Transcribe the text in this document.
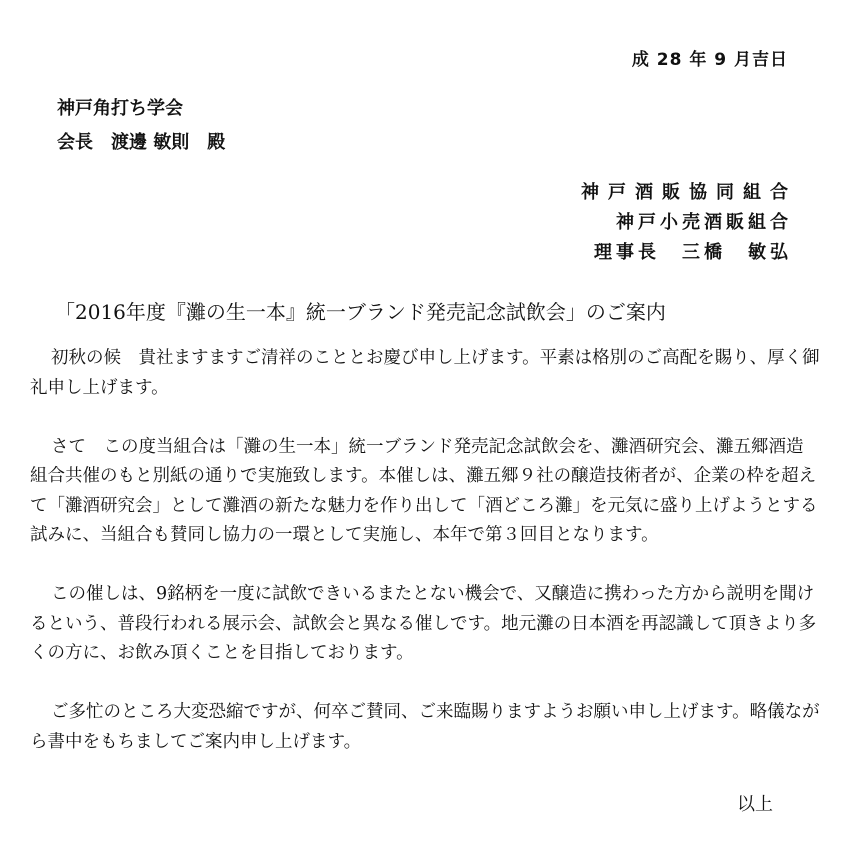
成 28 年 9 月吉日
神戸角打ち学会
会長　渡邊 敏則　殿
神戸酒販協同組合
神戸小売酒販組合
理事長　三橋　敏弘
「2016年度『灘の生一本』統一ブランド発売記念試飲会」のご案内

初秋の候　貴社ますますご清祥のこととお慶び申し上げます。平素は格別のご高配を賜り、厚く御礼申し上げます。

さて　この度当組合は「灘の生一本」統一ブランド発売記念試飲会を、灘酒研究会、灘五郷酒造組合共催のもと別紙の通りで実施致します。本催しは、灘五郷９社の醸造技術者が、企業の枠を超えて「灘酒研究会」として灘酒の新たな魅力を作り出して「酒どころ灘」を元気に盛り上げようとする試みに、当組合も賛同し協力の一環として実施し、本年で第３回目となります。

この催しは、9銘柄を一度に試飲できいるまたとない機会で、又醸造に携わった方から説明を聞けるという、普段行われる展示会、試飲会と異なる催しです。地元灘の日本酒を再認識して頂きより多くの方に、お飲み頂くことを目指しております。

ご多忙のところ大変恐縮ですが、何卒ご賛同、ご来臨賜りますようお願い申し上げます。略儀ながら書中をもちましてご案内申し上げます。

以上
